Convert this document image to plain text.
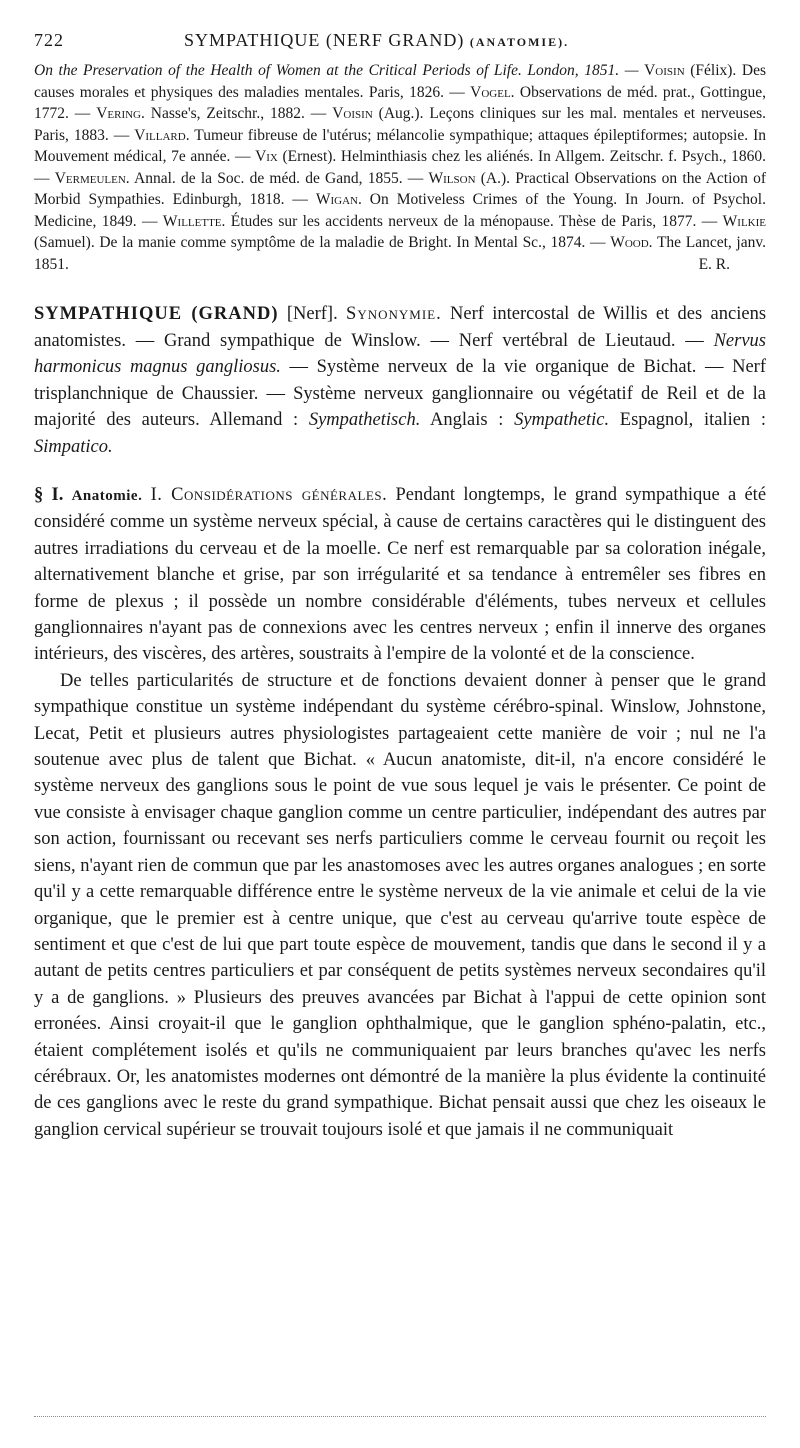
722	SYMPATHIQUE (NERF GRAND) (ANATOMIE).

On the Preservation of the Health of Women at the Critical Periods of Life. London, 1851. — Voisin (Félix). Des causes morales et physiques des maladies mentales. Paris, 1826. — Vogel. Observations de méd. prat., Gottingue, 1772. — Vering. Nasse's, Zeitschr., 1882. — Voisin (Aug.). Leçons cliniques sur les mal. mentales et nerveuses. Paris, 1883. — Villard. Tumeur fibreuse de l'utérus; mélancolie sympathique; attaques épileptiformes; autopsie. In Mouvement médical, 7e année. — Vix (Ernest). Helminthiasis chez les aliénés. In Allgem. Zeitschr. f. Psych., 1860. — Vermeulen. Annal. de la Soc. de méd. de Gand, 1855. — Wilson (A.). Practical Observations on the Action of Morbid Sympathies. Edinburgh, 1818. — Wigan. On Motiveless Crimes of the Young. In Journ. of Psychol. Medicine, 1849. — Willette. Études sur les accidents nerveux de la ménopause. Thèse de Paris, 1877. — Wilkie (Samuel). De la manie comme symptôme de la maladie de Bright. In Mental Sc., 1874. — Wood. The Lancet, janv. 1851.	E. R.

SYMPATHIQUE (GRAND) [Nerf]. Synonymie. Nerf intercostal de Willis et des anciens anatomistes. — Grand sympathique de Winslow. — Nerf vertébral de Lieutaud. — Nervus harmonicus magnus gangliosus. — Système nerveux de la vie organique de Bichat. — Nerf trisplanchnique de Chaussier. — Système nerveux ganglionnaire ou végétatif de Reil et de la majorité des auteurs. Allemand : Sympathetisch. Anglais : Sympathetic. Espagnol, italien : Simpatico.

§ I. Anatomie. I. Considérations générales. Pendant longtemps, le grand sympathique a été considéré comme un système nerveux spécial, à cause de certains caractères qui le distinguent des autres irradiations du cerveau et de la moelle. Ce nerf est remarquable par sa coloration inégale, alternativement blanche et grise, par son irrégularité et sa tendance à entremêler ses fibres en forme de plexus ; il possède un nombre considérable d'éléments, tubes nerveux et cellules ganglionnaires n'ayant pas de connexions avec les centres nerveux ; enfin il innerve des organes intérieurs, des viscères, des artères, soustraits à l'empire de la volonté et de la conscience.

De telles particularités de structure et de fonctions devaient donner à penser que le grand sympathique constitue un système indépendant du système cérébro-spinal. Winslow, Johnstone, Lecat, Petit et plusieurs autres physiologistes partageaient cette manière de voir ; nul ne l'a soutenue avec plus de talent que Bichat. « Aucun anatomiste, dit-il, n'a encore considéré le système nerveux des ganglions sous le point de vue sous lequel je vais le présenter. Ce point de vue consiste à envisager chaque ganglion comme un centre particulier, indépendant des autres par son action, fournissant ou recevant ses nerfs particuliers comme le cerveau fournit ou reçoit les siens, n'ayant rien de commun que par les anastomoses avec les autres organes analogues ; en sorte qu'il y a cette remarquable différence entre le système nerveux de la vie animale et celui de la vie organique, que le premier est à centre unique, que c'est au cerveau qu'arrive toute espèce de sentiment et que c'est de lui que part toute espèce de mouvement, tandis que dans le second il y a autant de petits centres particuliers et par conséquent de petits systèmes nerveux secondaires qu'il y a de ganglions. » Plusieurs des preuves avancées par Bichat à l'appui de cette opinion sont erronées. Ainsi croyait-il que le ganglion ophthalmique, que le ganglion sphéno-palatin, etc., étaient complétement isolés et qu'ils ne communiquaient par leurs branches qu'avec les nerfs cérébraux. Or, les anatomistes modernes ont démontré de la manière la plus évidente la continuité de ces ganglions avec le reste du grand sympathique. Bichat pensait aussi que chez les oiseaux le ganglion cervical supérieur se trouvait toujours isolé et que jamais il ne communiquait
